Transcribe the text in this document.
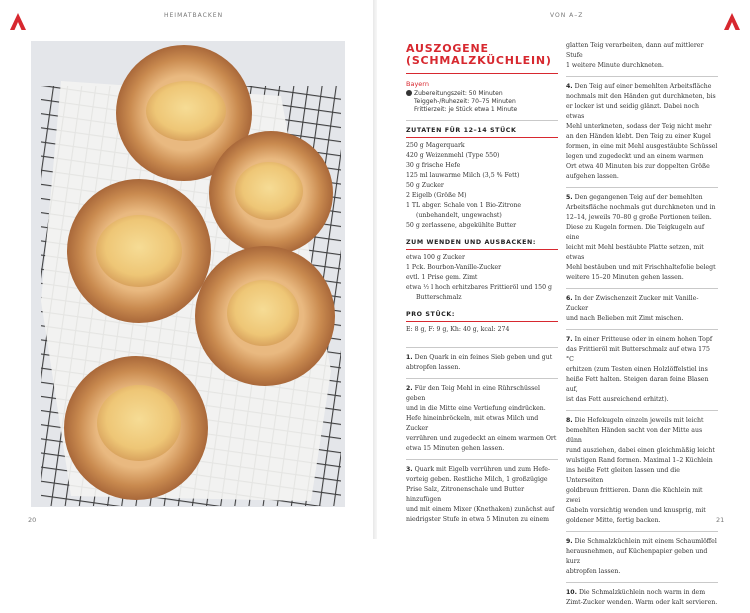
HEIMATBACKEN	VON A–Z
AUSZOGENE
(SCHMALZKÜCHLEIN)
Bayern
Zubereitungszeit: 50 Minuten
Teiggeh-/Ruhezeit: 70–75 Minuten
Frittierzeit: je Stück etwa 1 Minute
ZUTATEN FÜR 12–14 STÜCK
250 g Magerquark
420 g Weizenmehl (Type 550)
30 g frische Hefe
125 ml lauwarme Milch (3,5 % Fett)
50 g Zucker
2 Eigelb (Größe M)
1 TL abger. Schale von 1 Bio-Zitrone
(unbehandelt, ungewachst)
50 g zerlassene, abgekühlte Butter
ZUM WENDEN UND AUSBACKEN:
etwa 100 g Zucker
1 Pck. Bourbon-Vanille-Zucker
evtl. 1 Prise gem. Zimt
etwa ½ l hoch erhitzbares Frittieröl und 150 g
Butterschmalz
PRO STÜCK:
E: 8 g, F: 9 g, Kh: 40 g, kcal: 274
1. Den Quark in ein feines Sieb geben und gut
abtropfen lassen.
2. Für den Teig Mehl in eine Rührschüssel geben
und in die Mitte eine Vertiefung eindrücken.
Hefe hineinbröckeln, mit etwas Milch und Zucker
verrühren und zugedeckt an einem warmen Ort
etwa 15 Minuten gehen lassen.
3. Quark mit Eigelb verrühren und zum Hefe-
vorteig geben. Restliche Milch, 1 großzügige
Prise Salz, Zitronenschale und Butter hinzufügen
und mit einem Mixer (Knethaken) zunächst auf
niedrigster Stufe in etwa 5 Minuten zu einem
glatten Teig verarbeiten, dann auf mittlerer Stufe
1 weitere Minute durchkneten.
4. Den Teig auf einer bemehlten Arbeitsfläche
nochmals mit den Händen gut durchkneten, bis
er locker ist und seidig glänzt. Dabei noch etwas
Mehl unterkneten, sodass der Teig nicht mehr
an den Händen klebt. Den Teig zu einer Kugel
formen, in eine mit Mehl ausgestäubte Schüssel
legen und zugedeckt und an einem warmen
Ort etwa 40 Minuten bis zur doppelten Größe
aufgehen lassen.
5. Den gegangenen Teig auf der bemehlten
Arbeitsfläche nochmals gut durchkneten und in
12–14, jeweils 70–80 g große Portionen teilen.
Diese zu Kugeln formen. Die Teigkugeln auf eine
leicht mit Mehl bestäubte Platte setzen, mit etwas
Mehl bestäuben und mit Frischhaltefolie belegt
weitere 15–20 Minuten gehen lassen.
6. In der Zwischenzeit Zucker mit Vanille-Zucker
und nach Belieben mit Zimt mischen.
7. In einer Fritteuse oder in einem hohen Topf
das Frittieröl mit Butterschmalz auf etwa 175 °C
erhitzen (zum Testen einen Holzlöffelstiel ins
heiße Fett halten. Steigen daran feine Blasen auf,
ist das Fett ausreichend erhitzt).
8. Die Hefekugeln einzeln jeweils mit leicht
bemehlten Händen sacht von der Mitte aus dünn
rund ausziehen, dabei einen gleichmäßig leicht
wulstigen Rand formen. Maximal 1–2 Küchlein
ins heiße Fett gleiten lassen und die Unterseiten
goldbraun frittieren. Dann die Küchlein mit zwei
Gabeln vorsichtig wenden und knusprig, mit
goldener Mitte, fertig backen.
9. Die Schmalzküchlein mit einem Schaumlöffel
herausnehmen, auf Küchenpapier geben und kurz
abtropfen lassen.
10. Die Schmalzküchlein noch warm in dem
Zimt-Zucker wenden. Warm oder kalt servieren.
20	21
